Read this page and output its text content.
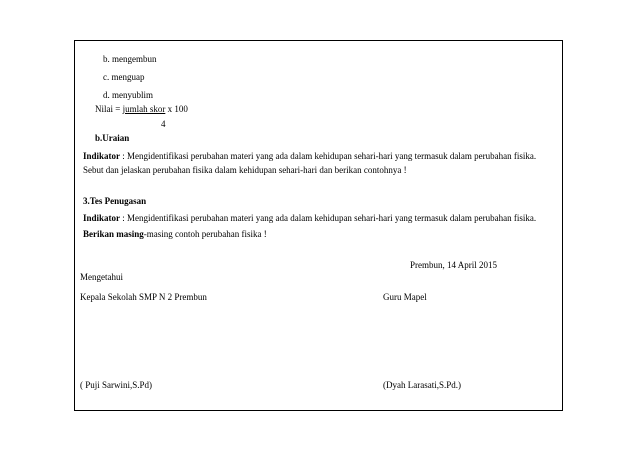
b. mengembun
c. menguap
d. menyublim
Nilai = jumlah skor x 100
4
b.Uraian
Indikator : Mengidentifikasi perubahan materi yang ada dalam kehidupan sehari-hari yang termasuk dalam perubahan fisika.
Sebut dan jelaskan perubahan fisika dalam kehidupan sehari-hari dan berikan contohnya !
3.Tes Penugasan
Indikator : Mengidentifikasi perubahan materi yang ada dalam kehidupan sehari-hari yang termasuk dalam perubahan fisika.
Berikan masing-masing contoh perubahan fisika !
Prembun, 14 April 2015
Mengetahui
Kepala Sekolah SMP N 2 Prembun	Guru Mapel
( Puji Sarwini,S.Pd)	(Dyah Larasati,S.Pd.)
